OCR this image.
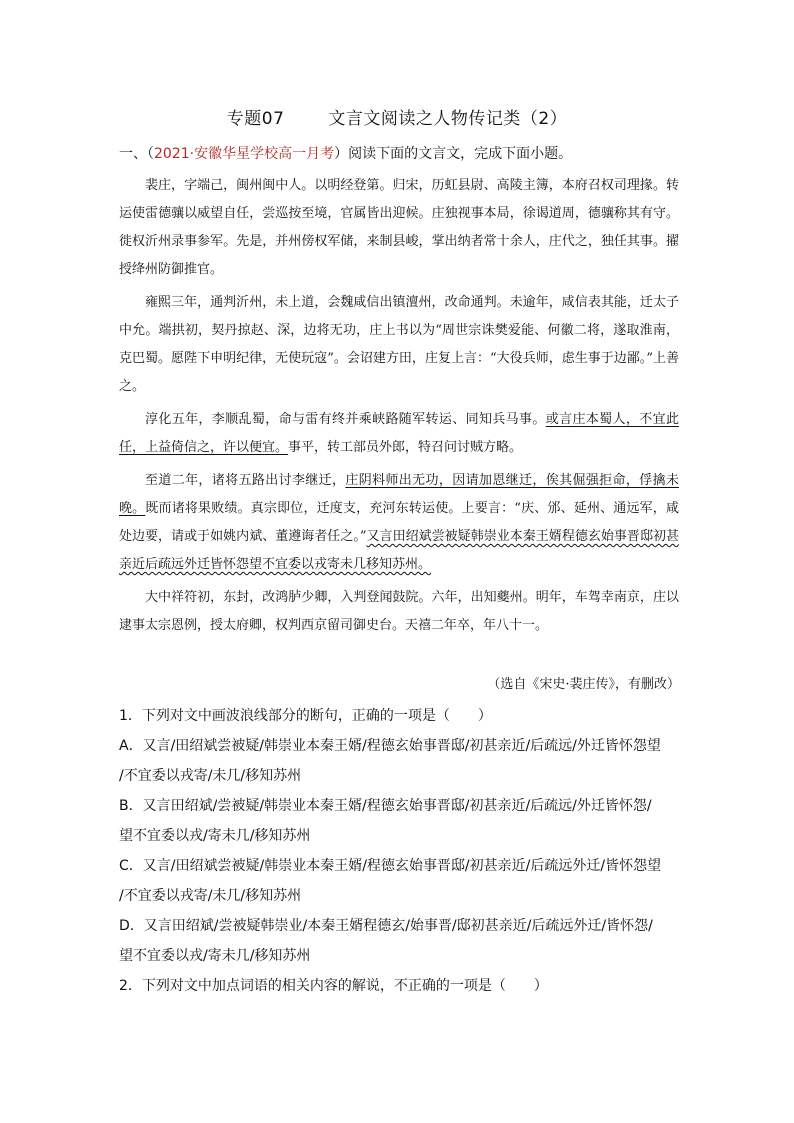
专题07	文言文阅读之人物传记类（2）
一、（2021·安徽华星学校高一月考）阅读下面的文言文，完成下面小题。

裴庄，字端己，闽州闽中人。以明经登第。归宋，历虹县尉、高陵主簿，本府召权司理掾。转运使雷德骧以威望自任，尝巡按至境，官属皆出迎候。庄独视事本局，徐谒道周，德骧称其有守。徙权沂州录事参军。先是，并州傍权军储，来制县峻，掌出纳者常十余人，庄代之，独任其事。擢授绛州防御推官。

雍熙三年，通判沂州，未上道，会魏咸信出镇澶州，改命通判。未逾年，咸信表其能，迁太子中允。端拱初，契丹掠赵、深，边将无功，庄上书以为“周世宗诛樊爱能、何徽二将，遂取淮南，克巴蜀。愿陛下申明纪律，无使玩寇”。会诏建方田，庄复上言：“大役兵师，虑生事于边鄙。”上善之。

淳化五年，李顺乱蜀，命与雷有终并乘峡路随军转运、同知兵马事。或言庄本蜀人，不宜此任，上益倚信之，许以便宜。事平，转工部员外郎，特召问讨贼方略。

至道二年，诸将五路出讨李继迁，庄阴料师出无功，因请加恩继迁，俟其倔强拒命，俘擒未晚。既而诸将果败绩。真宗即位，迁度支，充河东转运使。上要言：“庆、邠、延州、通远军，咸处边要，请或于如姚内斌、董遵诲者任之。”又言田绍斌尝被疑韩崇业本秦王婿程德玄始事晋邸初甚亲近后疏远外迁皆怀怨望不宜委以戎寄未几移知苏州。

大中祥符初，东封，改鸿胪少卿，入判登闻鼓院。六年，出知夔州。明年，车驾幸南京，庄以逮事太宗恩例，授太府卿，权判西京留司御史台。天禧二年卒，年八十一。

（选自《宋史·裴庄传》，有删改）
1．下列对文中画波浪线部分的断句，正确的一项是（　　）
A．又言/田绍斌尝被疑/韩崇业本秦王婿/程德玄始事晋邸/初甚亲近/后疏远/外迁皆怀怨望
/不宜委以戎寄/未几/移知苏州
B．又言田绍斌/尝被疑/韩崇业本秦王婿/程德玄始事晋邸/初甚亲近/后疏远/外迁皆怀怨/
望不宜委以戎/寄未几/移知苏州
C．又言/田绍斌尝被疑/韩崇业本秦王婿/程德玄始事晋邸/初甚亲近/后疏远外迁/皆怀怨望
/不宜委以戎寄/未几/移知苏州
D．又言田绍斌/尝被疑韩崇业/本秦王婿程德玄/始事晋/邸初甚亲近/后疏远外迁/皆怀怨/
望不宜委以戎/寄未几/移知苏州
2．下列对文中加点词语的相关内容的解说，不正确的一项是（　　）
